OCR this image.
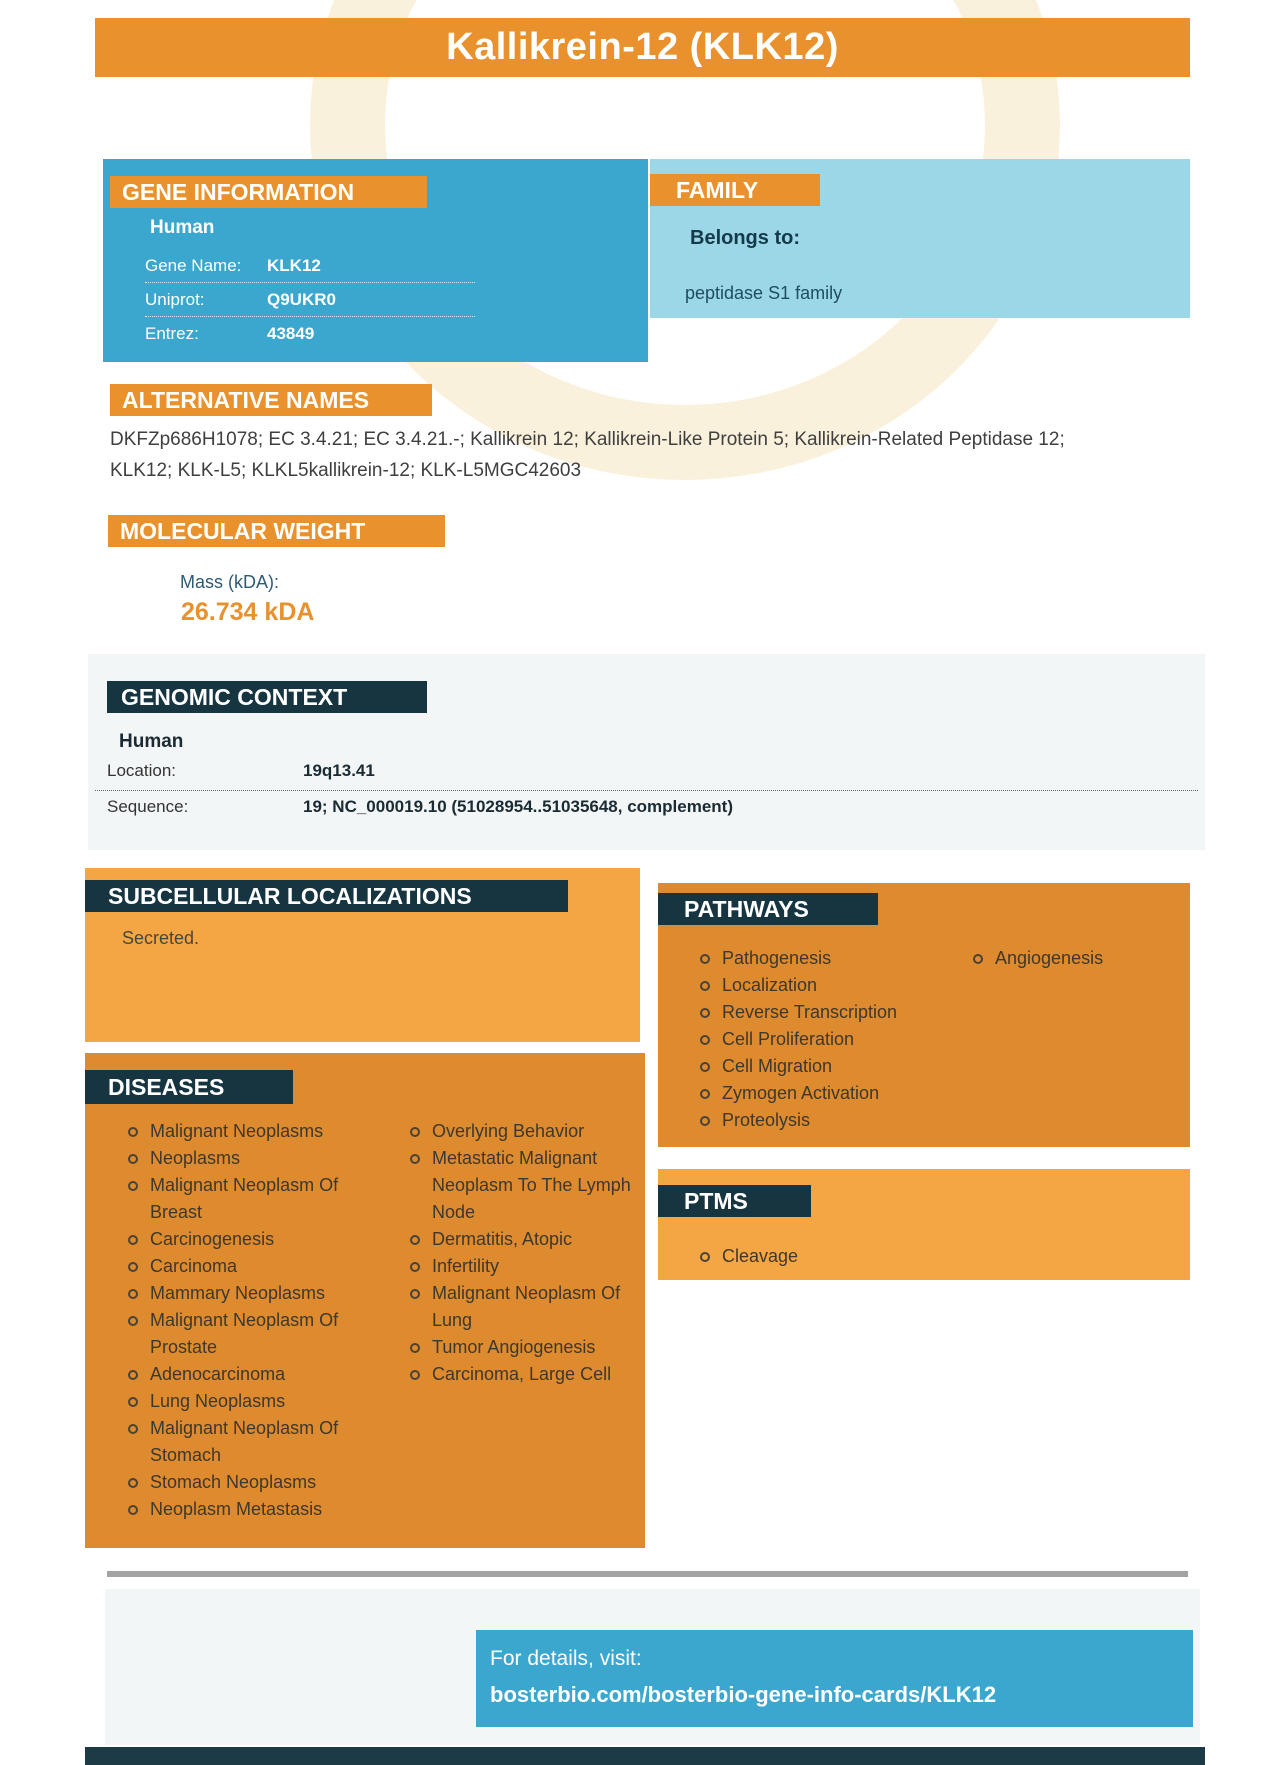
Kallikrein-12 (KLK12)
GENE INFORMATION
Human
Gene Name: KLK12
Uniprot:	Q9UKR0
Entrez:	43849
FAMILY
Belongs to:
peptidase S1 family
ALTERNATIVE NAMES
DKFZp686H1078; EC 3.4.21; EC 3.4.21.-; Kallikrein 12; Kallikrein-Like Protein 5; Kallikrein-Related Peptidase 12; KLK12; KLK-L5; KLKL5kallikrein-12; KLK-L5MGC42603
MOLECULAR WEIGHT
Mass (kDA):
26.734 kDA
GENOMIC CONTEXT
Human
Location:	19q13.41
Sequence:	19; NC_000019.10 (51028954..51035648, complement)
SUBCELLULAR LOCALIZATIONS
Secreted.
PATHWAYS
Pathogenesis
Localization
Reverse Transcription
Cell Proliferation
Cell Migration
Zymogen Activation
Proteolysis
Angiogenesis
DISEASES
Malignant Neoplasms
Neoplasms
Malignant Neoplasm Of Breast
Carcinogenesis
Carcinoma
Mammary Neoplasms
Malignant Neoplasm Of Prostate
Adenocarcinoma
Lung Neoplasms
Malignant Neoplasm Of Stomach
Stomach Neoplasms
Neoplasm Metastasis
Overlying Behavior
Metastatic Malignant Neoplasm To The Lymph Node
Dermatitis, Atopic
Infertility
Malignant Neoplasm Of Lung
Tumor Angiogenesis
Carcinoma, Large Cell
PTMS
Cleavage
For details, visit:
bosterbio.com/bosterbio-gene-info-cards/KLK12
